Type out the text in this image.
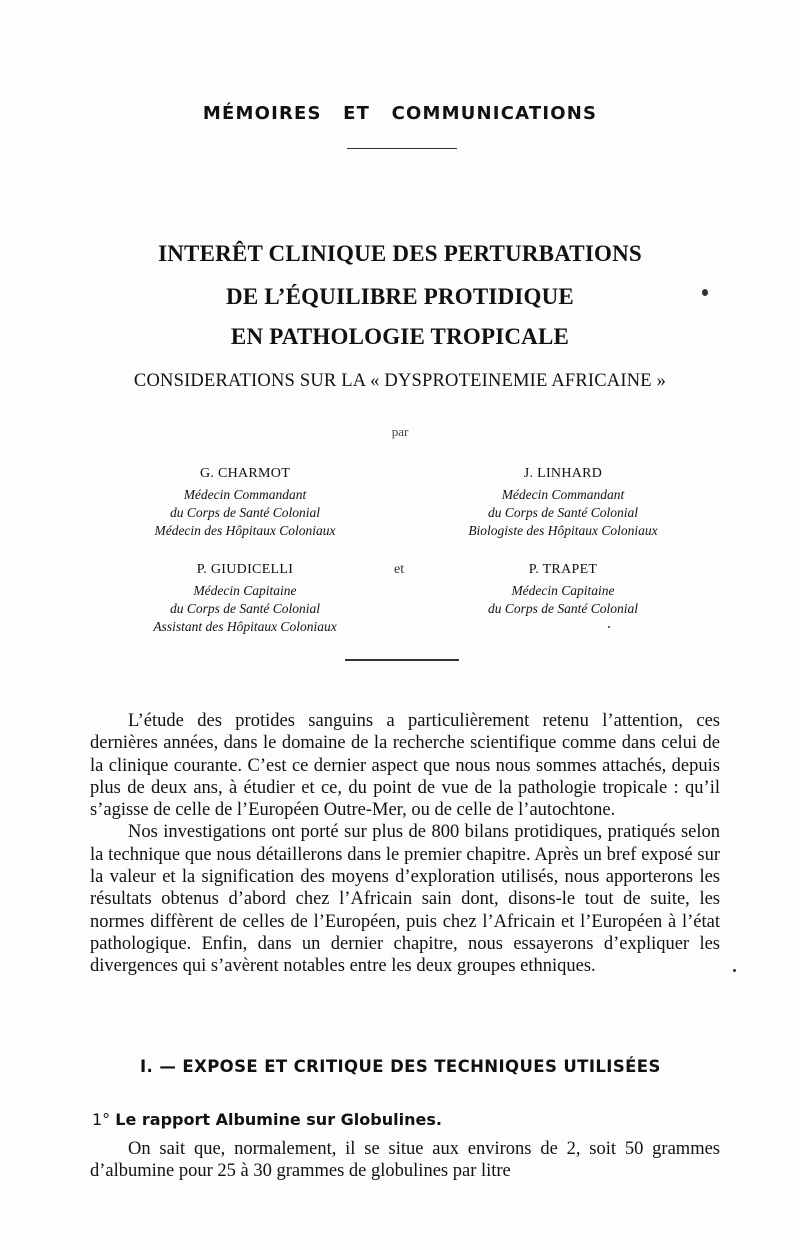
MÉMOIRES ET COMMUNICATIONS
INTERÊT CLINIQUE DES PERTURBATIONS
DE L’ÉQUILIBRE PROTIDIQUE
EN PATHOLOGIE TROPICALE
CONSIDERATIONS SUR LA « DYSPROTEINEMIE AFRICAINE »
par
G. CHARMOT
Médecin Commandant
du Corps de Santé Colonial
Médecin des Hôpitaux Coloniaux
J. LINHARD
Médecin Commandant
du Corps de Santé Colonial
Biologiste des Hôpitaux Coloniaux
et
P. GIUDICELLI
Médecin Capitaine
du Corps de Santé Colonial
Assistant des Hôpitaux Coloniaux
P. TRAPET
Médecin Capitaine
du Corps de Santé Colonial

L’étude des protides sanguins a particulièrement retenu l’attention, ces dernières années, dans le domaine de la recherche scientifique comme dans celui de la clinique courante. C’est ce dernier aspect que nous nous sommes attachés, depuis plus de deux ans, à étudier et ce, du point de vue de la pathologie tropicale : qu’il s’agisse de celle de l’Européen Outre-Mer, ou de celle de l’autochtone.

Nos investigations ont porté sur plus de 800 bilans protidiques, pratiqués selon la technique que nous détaillerons dans le premier chapitre. Après un bref exposé sur la valeur et la signification des moyens d’exploration utilisés, nous apporterons les résultats obtenus d’abord chez l’Africain sain dont, disons-le tout de suite, les normes diffèrent de celles de l’Européen, puis chez l’Africain et l’Européen à l’état pathologique. Enfin, dans un dernier chapitre, nous essayerons d’expliquer les divergences qui s’avèrent notables entre les deux groupes ethniques.

I. — EXPOSE ET CRITIQUE DES TECHNIQUES UTILISÉES
1° Le rapport Albumine sur Globulines.

On sait que, normalement, il se situe aux environs de 2, soit 50 grammes d’albumine pour 25 à 30 grammes de globulines par litre
